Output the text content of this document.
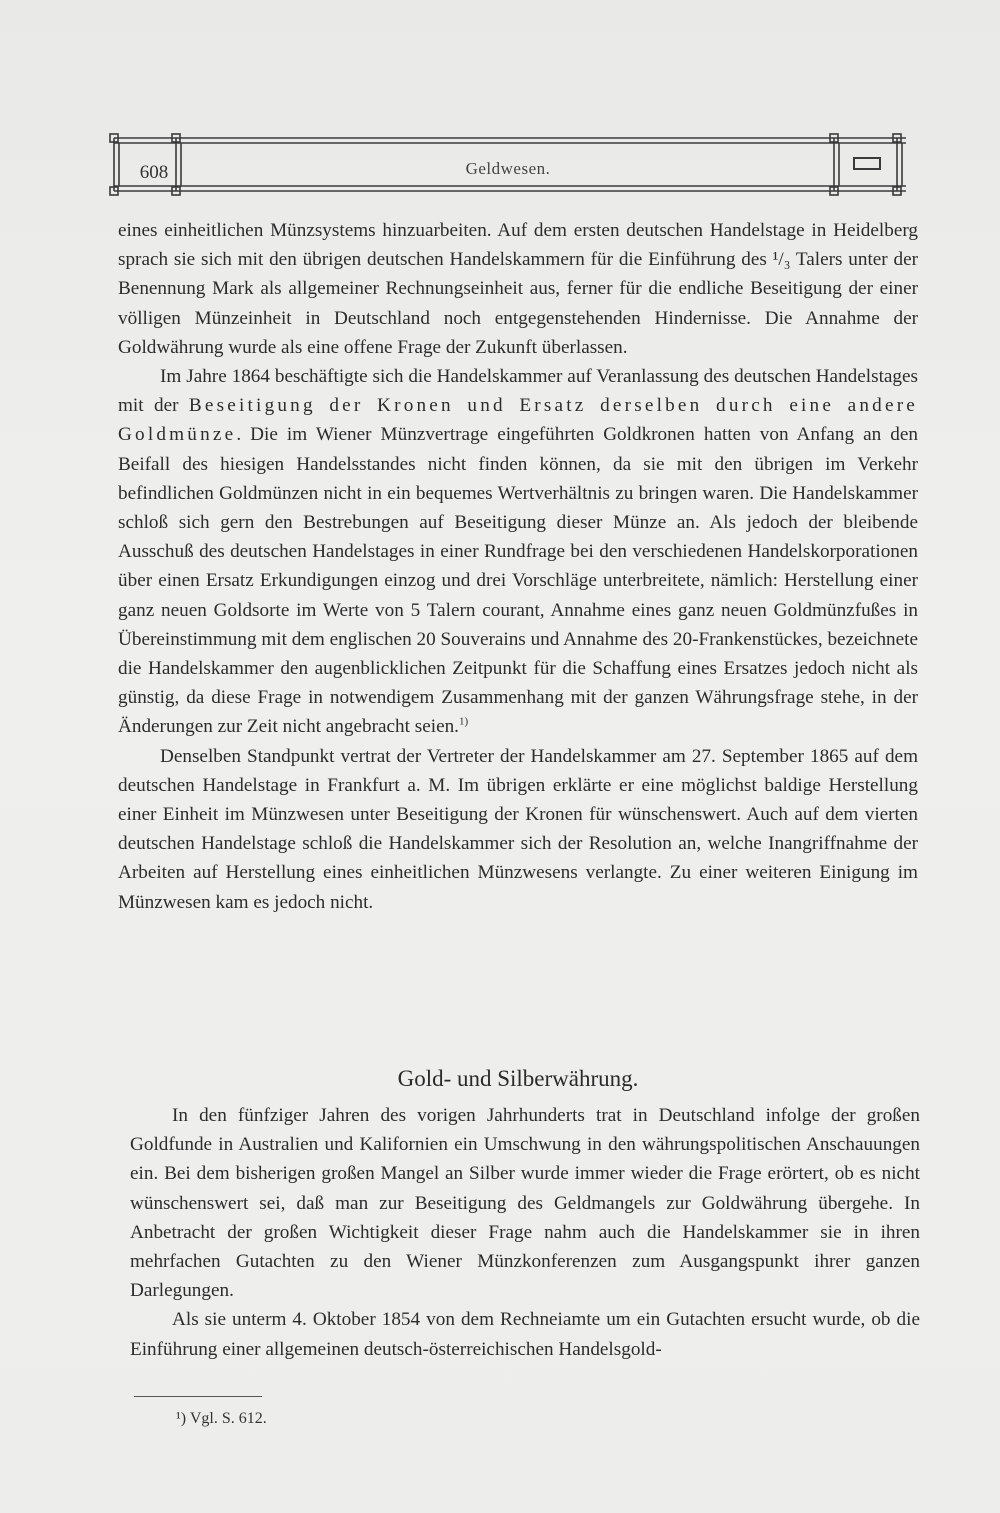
608	Geldwesen.

eines einheitlichen Münzsystems hinzuarbeiten. Auf dem ersten deutschen Handelstage in Heidelberg sprach sie sich mit den übrigen deutschen Handelskammern für die Einführung des ¹/₃ Talers unter der Benennung Mark als allgemeiner Rechnungseinheit aus, ferner für die endliche Beseitigung der einer völligen Münzeinheit in Deutschland noch entgegenstehenden Hindernisse. Die Annahme der Goldwährung wurde als eine offene Frage der Zukunft überlassen.

Im Jahre 1864 beschäftigte sich die Handelskammer auf Veranlassung des deutschen Handelstages mit der Beseitigung der Kronen und Ersatz derselben durch eine andere Goldmünze. Die im Wiener Münzvertrage eingeführten Goldkronen hatten von Anfang an den Beifall des hiesigen Handelsstandes nicht finden können, da sie mit den übrigen im Verkehr befindlichen Goldmünzen nicht in ein bequemes Wertverhältnis zu bringen waren. Die Handelskammer schloß sich gern den Bestrebungen auf Beseitigung dieser Münze an. Als jedoch der bleibende Ausschuß des deutschen Handelstages in einer Rundfrage bei den verschiedenen Handelskorporationen über einen Ersatz Erkundigungen einzog und drei Vorschläge unterbreitete, nämlich: Herstellung einer ganz neuen Goldsorte im Werte von 5 Talern courant, Annahme eines ganz neuen Goldmünzfußes in Übereinstimmung mit dem englischen 20 Souverains und Annahme des 20-Frankenstückes, bezeichnete die Handelskammer den augenblicklichen Zeitpunkt für die Schaffung eines Ersatzes jedoch nicht als günstig, da diese Frage in notwendigem Zusammenhang mit der ganzen Währungsfrage stehe, in der Änderungen zur Zeit nicht angebracht seien.$^{1)}$

Denselben Standpunkt vertrat der Vertreter der Handelskammer am 27. September 1865 auf dem deutschen Handelstage in Frankfurt a. M. Im übrigen erklärte er eine möglichst baldige Herstellung einer Einheit im Münzwesen unter Beseitigung der Kronen für wünschenswert. Auch auf dem vierten deutschen Handelstage schloß die Handelskammer sich der Resolution an, welche Inangriffnahme der Arbeiten auf Herstellung eines einheitlichen Münzwesens verlangte. Zu einer weiteren Einigung im Münzwesen kam es jedoch nicht.

Gold- und Silberwährung.

In den fünfziger Jahren des vorigen Jahrhunderts trat in Deutschland infolge der großen Goldfunde in Australien und Kalifornien ein Umschwung in den währungspolitischen Anschauungen ein. Bei dem bisherigen großen Mangel an Silber wurde immer wieder die Frage erörtert, ob es nicht wünschenswert sei, daß man zur Beseitigung des Geldmangels zur Goldwährung übergehe. In Anbetracht der großen Wichtigkeit dieser Frage nahm auch die Handelskammer sie in ihren mehrfachen Gutachten zu den Wiener Münzkonferenzen zum Ausgangspunkt ihrer ganzen Darlegungen.

Als sie unterm 4. Oktober 1854 von dem Rechneiamte um ein Gutachten ersucht wurde, ob die Einführung einer allgemeinen deutsch-österreichischen Handelsgold-

¹) Vgl. S. 612.
